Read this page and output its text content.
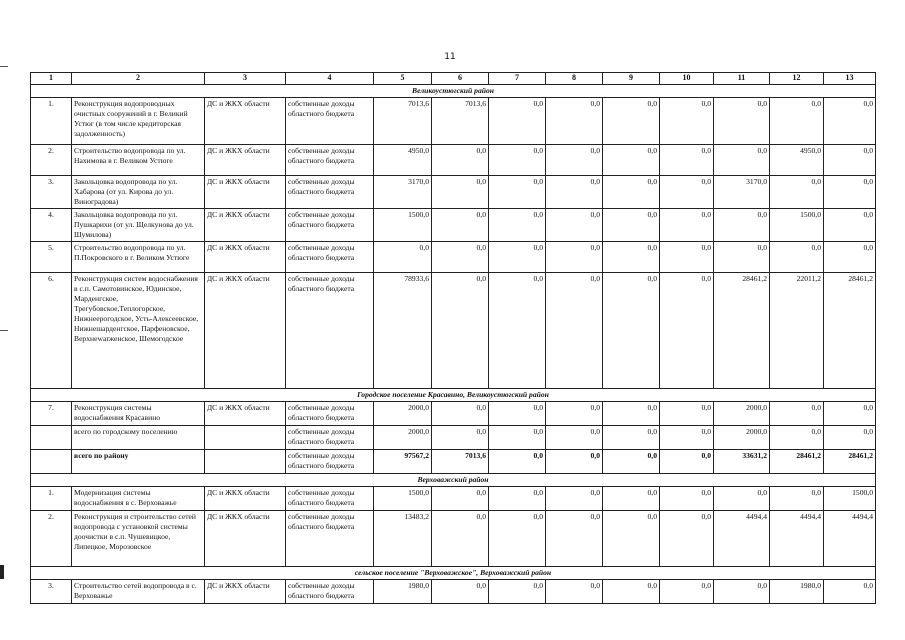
11
1	2	3	4	5	6	7	8	9	10	11	12	13
Великоустюгский район												
1.	Реконструкция водопроводных очистных сооружений в г. Великий Устюг (в том числе кредиторская задолженность)	ДС и ЖКХ области	собственные доходы областного бюджета	7013,6	7013,6	0,0	0,0	0,0	0,0	0,0	0,0	0,0
2.	Строительство водопровода по ул. Нахимова в г. Великом Устюге	ДС и ЖКХ области	собственные доходы областного бюджета	4950,0	0,0	0,0	0,0	0,0	0,0	0,0	4950,0	0,0
3.	Закольцовка водопровода по ул. Хабарова (от ул. Кирова до ул. Виноградова)	ДС и ЖКХ области	собственные доходы областного бюджета	3170,0	0,0	0,0	0,0	0,0	0,0	3170,0	0,0	0,0
4.	Закольцовка водопровода по ул. Пушкарихи (от ул. Щелкунова до ул. Шумилова)	ДС и ЖКХ области	собственные доходы областного бюджета	1500,0	0,0	0,0	0,0	0,0	0,0	0,0	1500,0	0,0
5.	Строительство водопровода по ул. П.Покровского в г. Великом Устюге	ДС и ЖКХ области	собственные доходы областного бюджета	0,0	0,0	0,0	0,0	0,0	0,0	0,0	0,0	0,0
6.	Реконструкция систем водоснабжения в с.п. Самотовинское, Юдинское, Марденгское, Трегубовское,Теплогорское, Нижнеерогодское, Усть-Алексеевское, Нижнешарденгское, Парфеновское, Верхнеwarженское, Шемогодское	ДС и ЖКХ области	собственные доходы областного бюджета	78933,6	0,0	0,0	0,0	0,0	0,0	28461,2	22011,2	28461,2
Городское поселение Красавино, Великоустюгский район												
7.	Реконструкция системы водоснабжения Красавино	ДС и ЖКХ области	собственные доходы областного бюджета	2000,0	0,0	0,0	0,0	0,0	0,0	2000,0	0,0	0,0
	всего по городскому поселению		собственные доходы областного бюджета	2000,0	0,0	0,0	0,0	0,0	0,0	2000,0	0,0	0,0
	всего по району		собственные доходы областного бюджета	97567,2	7013,6	0,0	0,0	0,0	0,0	33631,2	28461,2	28461,2
Верховажский район												
1.	Модернизация системы водоснабжения в с. Верховажье	ДС и ЖКХ области	собственные доходы областного бюджета	1500,0	0,0	0,0	0,0	0,0	0,0	0,0	0,0	1500,0
2.	Реконструкция и строительство сетей водопровода с установкой системы доочистки в с.п. Чушевицкое, Липецкое, Морозовское	ДС и ЖКХ области	собственные доходы областного бюджета	13483,2	0,0	0,0	0,0	0,0	0,0	4494,4	4494,4	4494,4
сельское поселение "Верховажское", Верховажский район												
3.	Строительство сетей водопровода в с. Верховажье	ДС и ЖКХ области	собственные доходы областного бюджета	1980,0	0,0	0,0	0,0	0,0	0,0	0,0	1980,0	0,0
